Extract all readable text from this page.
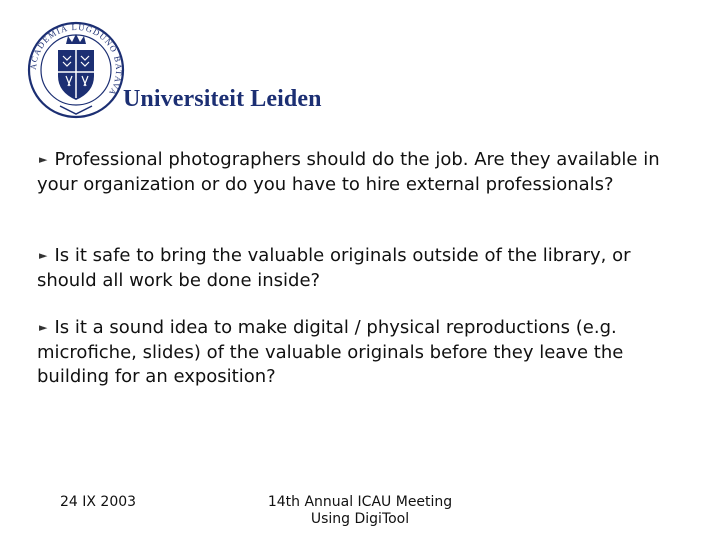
ACADEMIA LUGDUNO BATAVA Universiteit Leiden
► Professional photographers should do the job. Are they available in your organization or do you have to hire external professionals?
► Is it safe to bring the valuable originals outside of the library, or should all work be done inside?
► Is it a sound idea to make digital / physical reproductions (e.g. microfiche, slides) of the valuable originals before they leave the building for an exposition?
24 IX 2003	14th Annual ICAU Meeting
Using DigiTool
